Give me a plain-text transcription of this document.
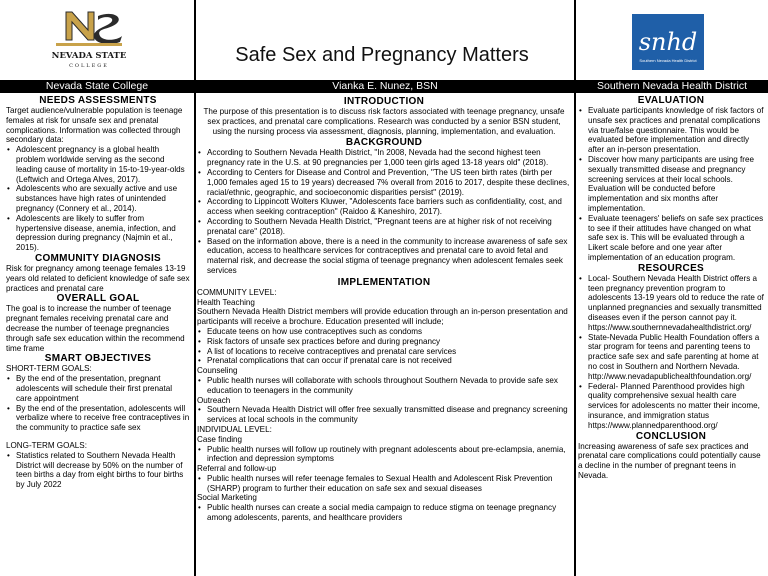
NEVADA STATE
COLLEGE	Safe Sex and Pregnancy Matters	snhd
Southern Nevada Health District
Nevada State College	Vianka E. Nunez, BSN	Southern Nevada Health District
NEEDS ASSESSMENTS

Target audience/vulnerable population is teenage females at risk for unsafe sex and prenatal complications. Information was collected through secondary data:

• Adolescent pregnancy is a global health problem worldwide serving as the second leading cause of mortality in 15-to-19-year-olds (Leftwich and Ortega Alves, 2017).
• Adolescents who are sexually active and use substances have high rates of unintended pregnancy (Connery et al., 2014).
• Adolescents are likely to suffer from hypertensive disease, anemia, infection, and depression during pregnancy (Najmin et al., 2015).
COMMUNITY DIAGNOSIS

Risk for pregnancy among teenage females 13-19 years old related to deficient knowledge of safe sex practices and prenatal care

OVERALL GOAL

The goal is to increase the number of teenage pregnant females receiving prenatal care and decrease the number of teenage pregnancies through safe sex education within the recommend time frame

SMART OBJECTIVES

SHORT-TERM GOALS:

• By the end of the presentation, pregnant adolescents will schedule their first prenatal care appointment
• By the end of the presentation, adolescents will verbalize where to receive free contraceptives in the community to practice safe sex

LONG-TERM GOALS:

• Statistics related to Southern Nevada Health District will decrease by 50% on the number of teen births a day from eight births to four births by July 2022
INTRODUCTION

The purpose of this presentation is to discuss risk factors associated with teenage pregnancy, unsafe sex practices, and prenatal care complications. Research was conducted by a senior BSN student, using the nursing process via assessment, diagnosis, planning, implementation, and evaluation.

BACKGROUND
• According to Southern Nevada Health District, "In 2008, Nevada had the second highest teen pregnancy rate in the U.S. at 90 pregnancies per 1,000 teen girls aged 13-18 years old" (2018).
• According to Centers for Disease and Control and Prevention, "The US teen birth rates (birth per 1,000 females aged 15 to 19 years) decreased 7% overall from 2016 to 2017, despite these declines, racial/ethnic, geographic, and socioeconomic disparities persist" (2019).
• According to Lippincott Wolters Kluwer, "Adolescents face barriers such as confidentiality, cost, and access when seeking contraception" (Raidoo & Kaneshiro, 2017).
• According to Southern Nevada Health District, "Pregnant teens are at higher risk of not receiving prenatal care" (2018).
• Based on the information above, there is a need in the community to increase awareness of safe sex education, access to healthcare services for contraceptives and prenatal care to avoid fetal and maternal risk, and decrease the social stigma of teenage pregnancy when adolescent females seek services
IMPLEMENTATION

COMMUNITY LEVEL:

Health Teaching

Southern Nevada Health District members will provide education through an in-person presentation and participants will receive a brochure. Education presented will include;

• Educate teens on how use contraceptives such as condoms
• Risk factors of unsafe sex practices before and during pregnancy
• A list of locations to receive contraceptives and prenatal care services
• Prenatal complications that can occur if prenatal care is not received

Counseling

• Public health nurses will collaborate with schools throughout Southern Nevada to provide safe sex education to teenagers in the community

Outreach

• Southern Nevada Health District will offer free sexually transmitted disease and pregnancy screening services at local schools in the community

INDIVIDUAL LEVEL:

Case finding

• Public health nurses will follow up routinely with pregnant adolescents about pre-eclampsia, anemia, infection and depression symptoms

Referral and follow-up

• Public health nurses will refer teenage females to Sexual Health and Adolescent Risk Prevention (SHARP) program to further their education on safe sex and sexual diseases

Social Marketing

• Public health nurses can create a social media campaign to reduce stigma on teenage pregnancy among adolescents, parents, and healthcare providers
EVALUATION
• Evaluate participants knowledge of risk factors of unsafe sex practices and prenatal complications via true/false questionnaire. This would be evaluated before implementation and directly after an in-person presentation.
• Discover how many participants are using free sexually transmitted disease and pregnancy screening services at their local schools. Evaluation will be conducted before implementation and six months after implementation.
• Evaluate teenagers' beliefs on safe sex practices to see if their attitudes have changed on what safe sex is. This will be evaluated through a Likert scale before and one year after implementation of an education program.
RESOURCES
• Local- Southern Nevada Health District offers a teen pregnancy prevention program to adolescents 13-19 years old to reduce the rate of unplanned pregnancies and sexually transmitted diseases even if the person cannot pay it. https://www.southernnevadahealthdistrict.org/
• State-Nevada Public Health Foundation offers a star program for teens and parenting teens to practice safe sex and safe parenting at home at no cost in Southern and Northern Nevada. http://www.nevadapublichealthfoundation.org/
• Federal- Planned Parenthood provides high quality comprehensive sexual health care services for adolescents no matter their income, insurance, and immigration status https://www.plannedparenthood.org/
CONCLUSION

Increasing awareness of safe sex practices and prenatal care complications could potentially cause a decline in the number of pregnant teens in Nevada.
